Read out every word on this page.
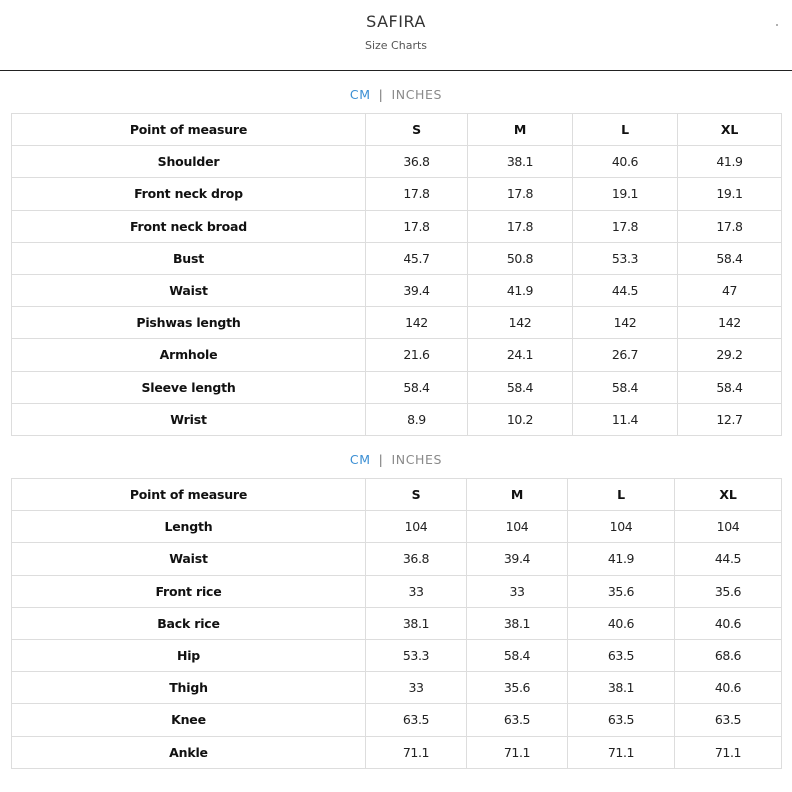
SAFIRA
Size Charts
CM | INCHES
Point of measure	S	M	L	XL
Shoulder	36.8	38.1	40.6	41.9
Front neck drop	17.8	17.8	19.1	19.1
Front neck broad	17.8	17.8	17.8	17.8
Bust	45.7	50.8	53.3	58.4
Waist	39.4	41.9	44.5	47
Pishwas length	142	142	142	142
Armhole	21.6	24.1	26.7	29.2
Sleeve length	58.4	58.4	58.4	58.4
Wrist	8.9	10.2	11.4	12.7
CM | INCHES
Point of measure	S	M	L	XL
Length	104	104	104	104
Waist	36.8	39.4	41.9	44.5
Front rice	33	33	35.6	35.6
Back rice	38.1	38.1	40.6	40.6
Hip	53.3	58.4	63.5	68.6
Thigh	33	35.6	38.1	40.6
Knee	63.5	63.5	63.5	63.5
Ankle	71.1	71.1	71.1	71.1
